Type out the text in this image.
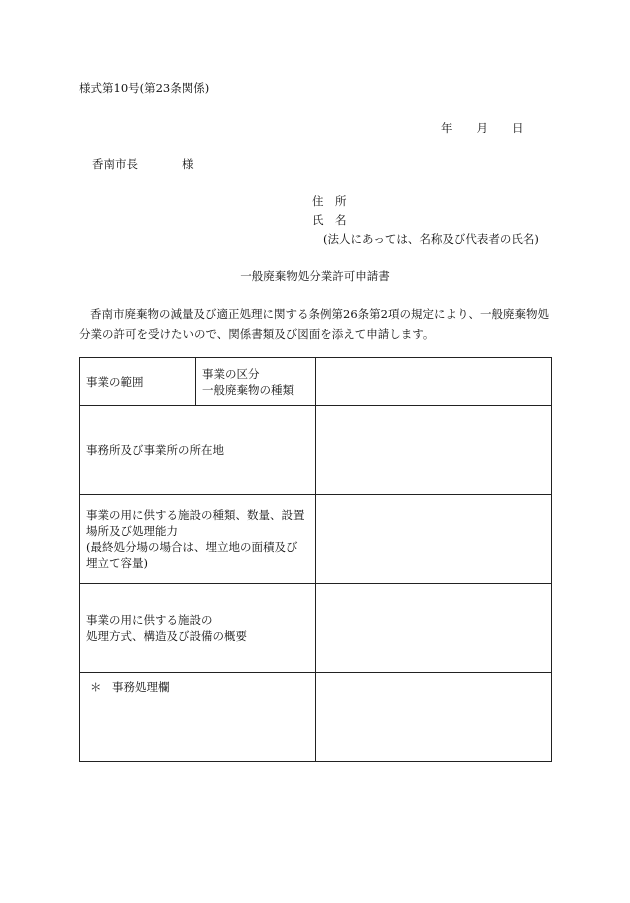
様式第10号(第23条関係)
年 月 日
香南市長	様
住　所
氏　名
(法人にあっては、名称及び代表者の氏名)
一般廃棄物処分業許可申請書
香南市廃棄物の減量及び適正処理に関する条例第26条第2項の規定により、一般廃棄物処分業の許可を受けたいので、関係書類及び図面を添えて申請します。
事業の範囲	事業の区分
一般廃棄物の種類	

事務所及び事業所の所在地		

事業の用に供する施設の種類、数量、設置
場所及び処理能力
(最終処分場の場合は、埋立地の面積及び
埋立て容量)		

事業の用に供する施設の
処理方式、構造及び設備の概要		

＊ 事務処理欄		
